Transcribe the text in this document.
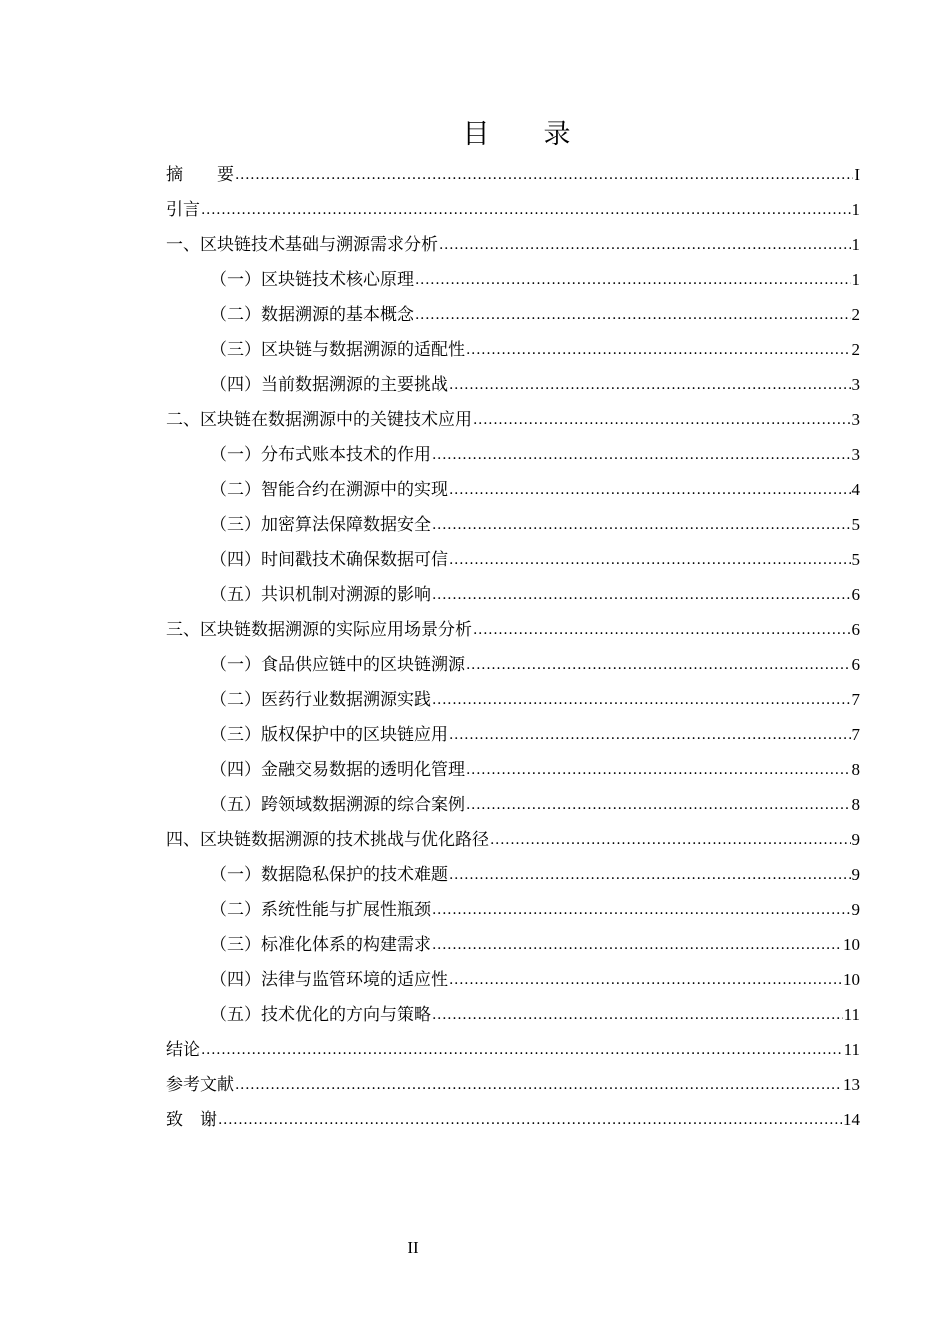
目　　录
摘　　要 .....	I
引言 .....	1
一、区块链技术基础与溯源需求分析 .....	1
（一）区块链技术核心原理 .....	1
（二）数据溯源的基本概念 .....	2
（三）区块链与数据溯源的适配性 .....	2
（四）当前数据溯源的主要挑战 .....	3
二、区块链在数据溯源中的关键技术应用 .....	3
（一）分布式账本技术的作用 .....	3
（二）智能合约在溯源中的实现 .....	4
（三）加密算法保障数据安全 .....	5
（四）时间戳技术确保数据可信 .....	5
（五）共识机制对溯源的影响 .....	6
三、区块链数据溯源的实际应用场景分析 .....	6
（一）食品供应链中的区块链溯源 .....	6
（二）医药行业数据溯源实践 .....	7
（三）版权保护中的区块链应用 .....	7
（四）金融交易数据的透明化管理 .....	8
（五）跨领域数据溯源的综合案例 .....	8
四、区块链数据溯源的技术挑战与优化路径 .....	9
（一）数据隐私保护的技术难题 .....	9
（二）系统性能与扩展性瓶颈 .....	9
（三）标准化体系的构建需求 .....	10
（四）法律与监管环境的适应性 .....	10
（五）技术优化的方向与策略 .....	11
结论 .....	11
参考文献 .....	13
致　谢 .....	14
II
